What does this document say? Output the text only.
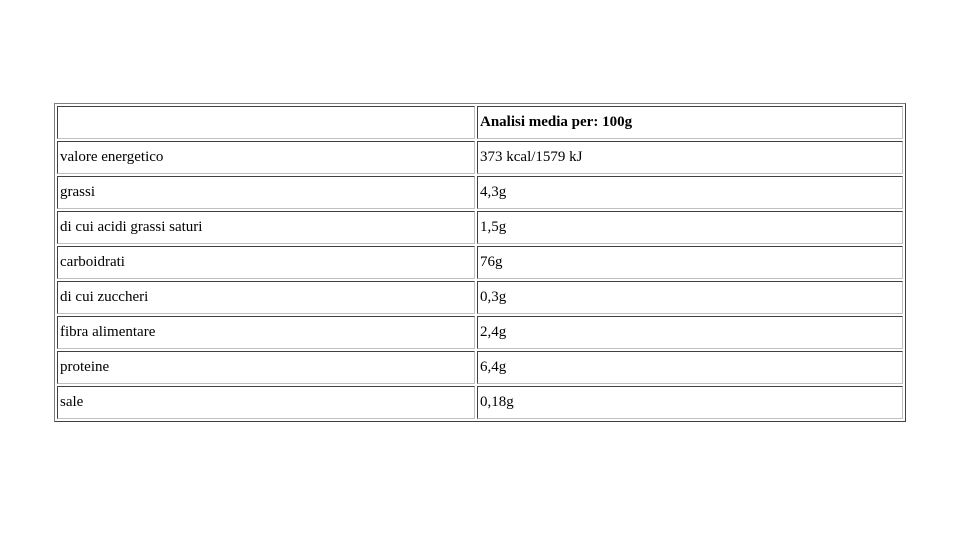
	Analisi media per: 100g
valore energetico	373 kcal/1579 kJ
grassi	4,3g
di cui acidi grassi saturi	1,5g
carboidrati	76g
di cui zuccheri	0,3g
fibra alimentare	2,4g
proteine	6,4g
sale	0,18g
